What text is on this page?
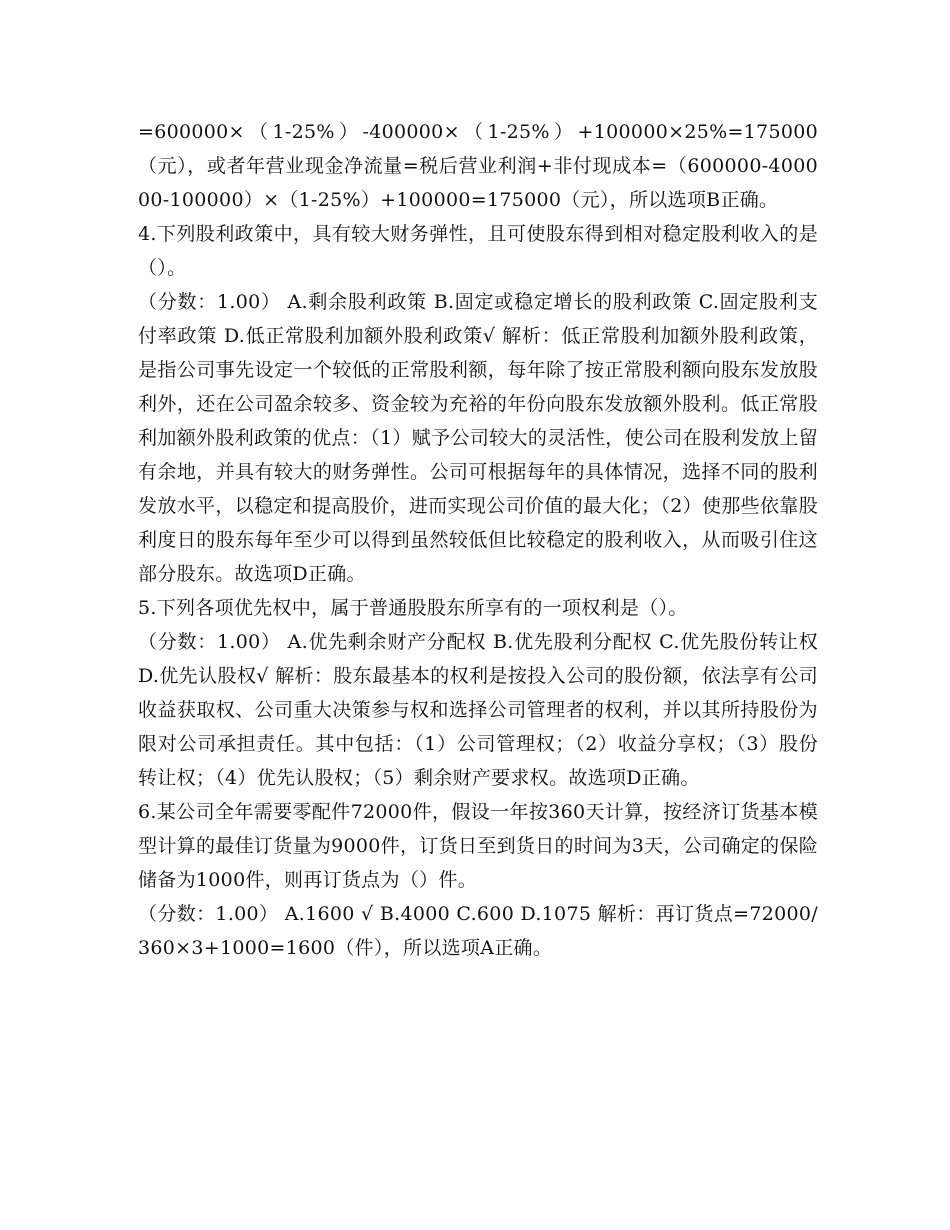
=600000×（1-25%）-400000×（1-25%）+100000×25%=175000（元），或者年营业现金净流量=税后营业利润+非付现成本=（600000-400000-100000）×（1-25%）+100000=175000（元），所以选项B正确。

4.下列股利政策中，具有较大财务弹性，且可使股东得到相对稳定股利收入的是（）。

（分数：1.00） A.剩余股利政策 B.固定或稳定增长的股利政策 C.固定股利支付率政策 D.低正常股利加额外股利政策√ 解析：低正常股利加额外股利政策，是指公司事先设定一个较低的正常股利额，每年除了按正常股利额向股东发放股利外，还在公司盈余较多、资金较为充裕的年份向股东发放额外股利。低正常股利加额外股利政策的优点：（1）赋予公司较大的灵活性，使公司在股利发放上留有余地，并具有较大的财务弹性。公司可根据每年的具体情况，选择不同的股利发放水平，以稳定和提高股价，进而实现公司价值的最大化；（2）使那些依靠股利度日的股东每年至少可以得到虽然较低但比较稳定的股利收入，从而吸引住这部分股东。故选项D正确。

5.下列各项优先权中，属于普通股股东所享有的一项权利是（）。

（分数：1.00） A.优先剩余财产分配权 B.优先股利分配权 C.优先股份转让权 D.优先认股权√ 解析：股东最基本的权利是按投入公司的股份额，依法享有公司收益获取权、公司重大决策参与权和选择公司管理者的权利，并以其所持股份为限对公司承担责任。其中包括：（1）公司管理权；（2）收益分享权；（3）股份转让权；（4）优先认股权；（5）剩余财产要求权。故选项D正确。

6.某公司全年需要零配件72000件，假设一年按360天计算，按经济订货基本模型计算的最佳订货量为9000件，订货日至到货日的时间为3天，公司确定的保险储备为1000件，则再订货点为（）件。

（分数：1.00） A.1600 √ B.4000 C.600 D.1075 解析：再订货点=72000/360×3+1000=1600（件），所以选项A正确。
